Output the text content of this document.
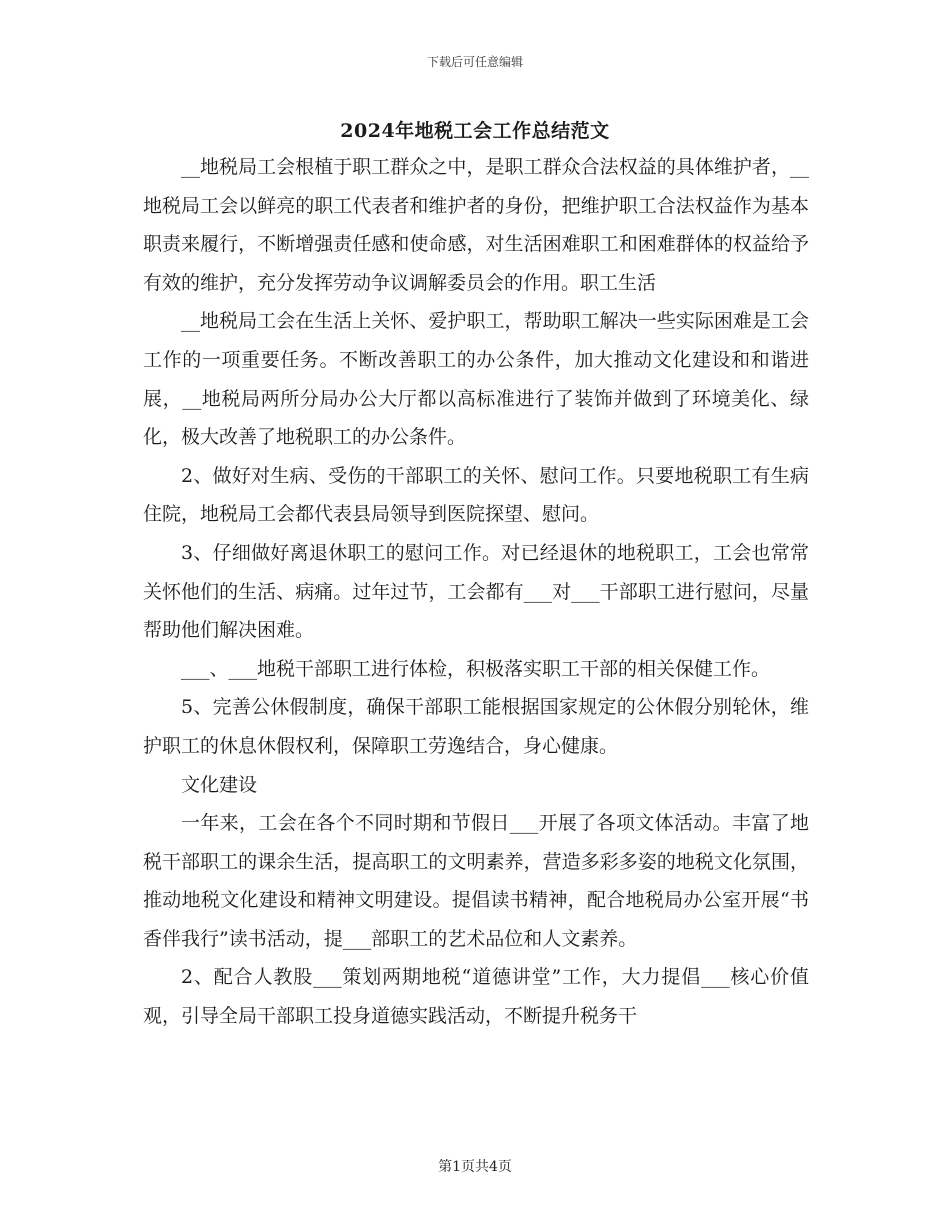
下载后可任意编辑
2024年地税工会工作总结范文

__地税局工会根植于职工群众之中，是职工群众合法权益的具体维护者，__地税局工会以鲜亮的职工代表者和维护者的身份，把维护职工合法权益作为基本职责来履行，不断增强责任感和使命感，对生活困难职工和困难群体的权益给予有效的维护，充分发挥劳动争议调解委员会的作用。职工生活

__地税局工会在生活上关怀、爱护职工，帮助职工解决一些实际困难是工会工作的一项重要任务。不断改善职工的办公条件，加大推动文化建设和和谐进展，__地税局两所分局办公大厅都以高标准进行了装饰并做到了环境美化、绿化，极大改善了地税职工的办公条件。

2、做好对生病、受伤的干部职工的关怀、慰问工作。只要地税职工有生病住院，地税局工会都代表县局领导到医院探望、慰问。

3、仔细做好离退休职工的慰问工作。对已经退休的地税职工，工会也常常关怀他们的生活、病痛。过年过节，工会都有___对___干部职工进行慰问，尽量帮助他们解决困难。

___、___地税干部职工进行体检，积极落实职工干部的相关保健工作。

5、完善公休假制度，确保干部职工能根据国家规定的公休假分别轮休，维护职工的休息休假权利，保障职工劳逸结合，身心健康。

文化建设

一年来，工会在各个不同时期和节假日___开展了各项文体活动。丰富了地税干部职工的课余生活，提高职工的文明素养，营造多彩多姿的地税文化氛围，推动地税文化建设和精神文明建设。提倡读书精神，配合地税局办公室开展“书香伴我行”读书活动，提___部职工的艺术品位和人文素养。

2、配合人教股___策划两期地税“道德讲堂”工作，大力提倡___核心价值观，引导全局干部职工投身道德实践活动，不断提升税务干

第1页共4页
